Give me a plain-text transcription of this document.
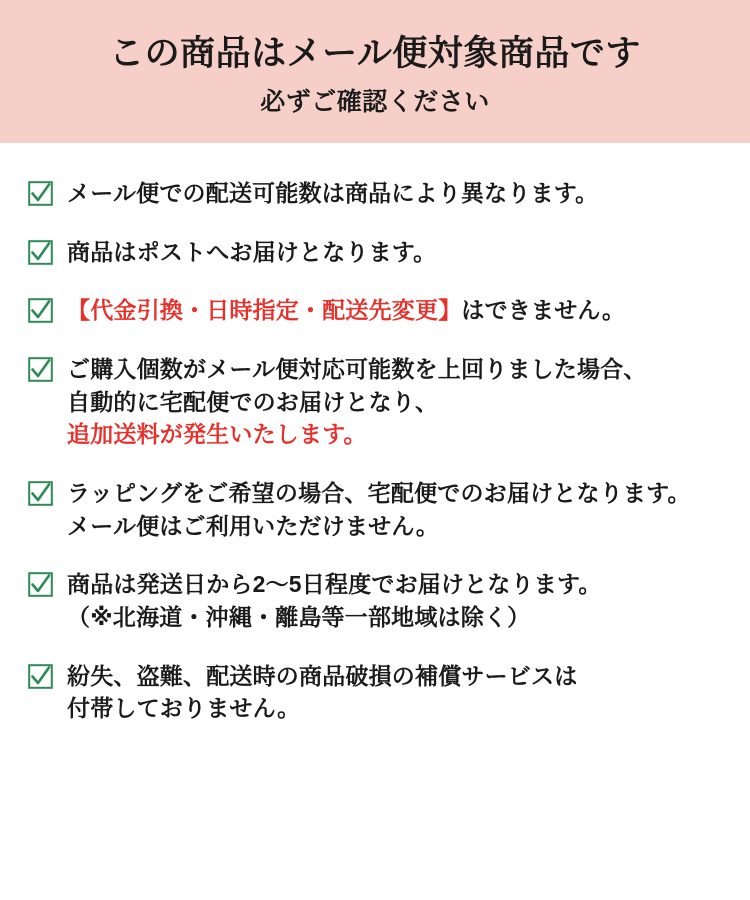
この商品はメール便対象商品です
必ずご確認ください
メール便での配送可能数は商品により異なります。
商品はポストへお届けとなります。
【代金引換・日時指定・配送先変更】はできません。
ご購入個数がメール便対応可能数を上回りました場合、
自動的に宅配便でのお届けとなり、
追加送料が発生いたします。
ラッピングをご希望の場合、宅配便でのお届けとなります。
メール便はご利用いただけません。
商品は発送日から2〜5日程度でお届けとなります。
（※北海道・沖縄・離島等一部地域は除く）
紛失、盗難、配送時の商品破損の補償サービスは
付帯しておりません。
